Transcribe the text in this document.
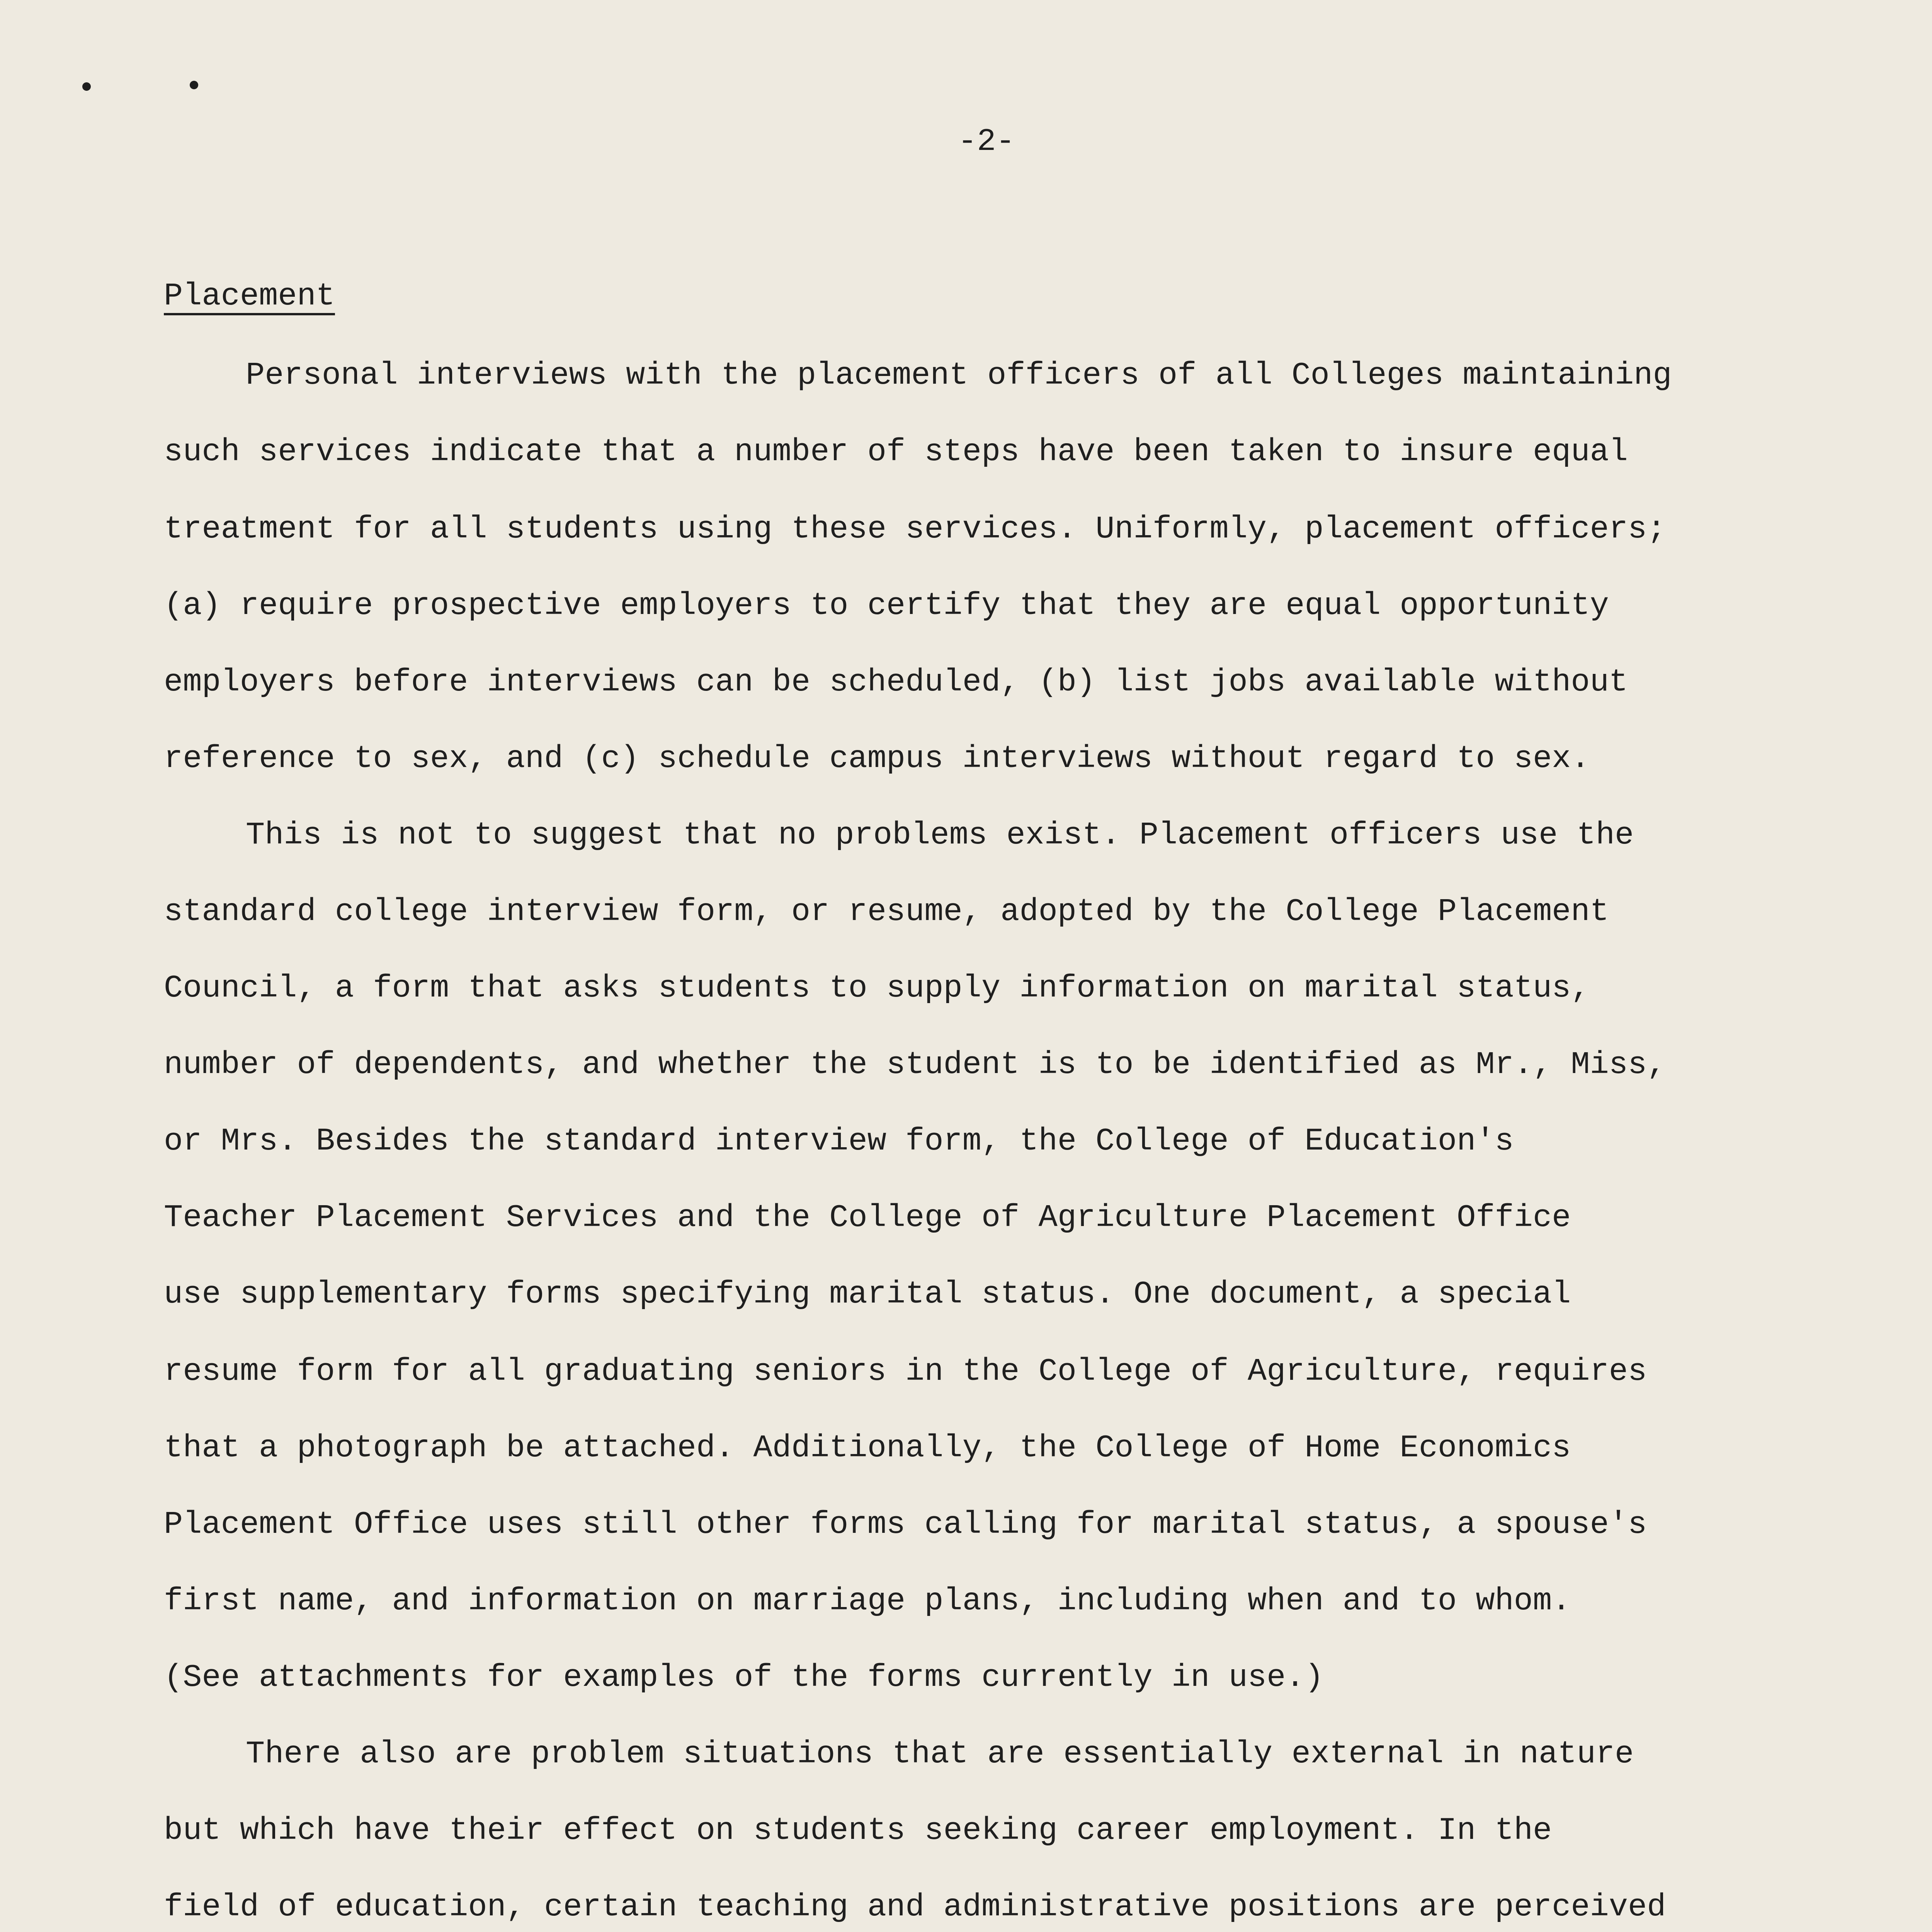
-2-
Placement
Personal interviews with the placement officers of all Colleges maintaining
such services indicate that a number of steps have been taken to insure equal
treatment for all students using these services. Uniformly, placement officers;
(a) require prospective employers to certify that they are equal opportunity
employers before interviews can be scheduled, (b) list jobs available without
reference to sex, and (c) schedule campus interviews without regard to sex.
This is not to suggest that no problems exist. Placement officers use the
standard college interview form, or resume, adopted by the College Placement
Council, a form that asks students to supply information on marital status,
number of dependents, and whether the student is to be identified as Mr., Miss,
or Mrs. Besides the standard interview form, the College of Education's
Teacher Placement Services and the College of Agriculture Placement Office
use supplementary forms specifying marital status. One document, a special
resume form for all graduating seniors in the College of Agriculture, requires
that a photograph be attached. Additionally, the College of Home Economics
Placement Office uses still other forms calling for marital status, a spouse's
first name, and information on marriage plans, including when and to whom.
(See attachments for examples of the forms currently in use.)
There also are problem situations that are essentially external in nature
but which have their effect on students seeking career employment. In the
field of education, certain teaching and administrative positions are perceived
